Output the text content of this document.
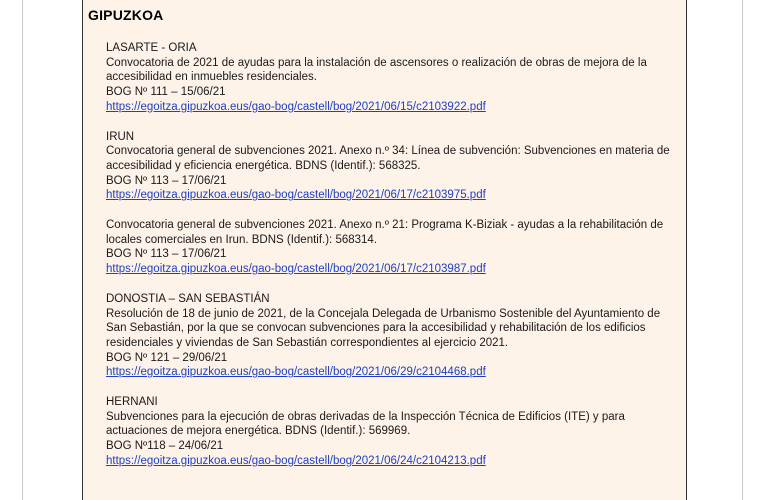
GIPUZKOA
LASARTE - ORIA
Convocatoria de 2021 de ayudas para la instalación de ascensores o realización de obras de mejora de la accesibilidad en inmuebles residenciales.
BOG Nº 111 – 15/06/21
https://egoitza.gipuzkoa.eus/gao-bog/castell/bog/2021/06/15/c2103922.pdf
IRUN
Convocatoria general de subvenciones 2021. Anexo n.º 34: Línea de subvención: Subvenciones en materia de accesibilidad y eficiencia energética. BDNS (Identif.): 568325.
BOG Nº 113 – 17/06/21
https://egoitza.gipuzkoa.eus/gao-bog/castell/bog/2021/06/17/c2103975.pdf
Convocatoria general de subvenciones 2021. Anexo n.º 21: Programa K-Biziak - ayudas a la rehabilitación de locales comerciales en Irun. BDNS (Identif.): 568314.
BOG Nº 113 – 17/06/21
https://egoitza.gipuzkoa.eus/gao-bog/castell/bog/2021/06/17/c2103987.pdf
DONOSTIA – SAN SEBASTIÁN
Resolución de 18 de junio de 2021, de la Concejala Delegada de Urbanismo Sostenible del Ayuntamiento de San Sebastián, por la que se convocan subvenciones para la accesibilidad y rehabilitación de los edificios residenciales y viviendas de San Sebastián correspondientes al ejercicio 2021.
BOG Nº 121 – 29/06/21
https://egoitza.gipuzkoa.eus/gao-bog/castell/bog/2021/06/29/c2104468.pdf
HERNANI
Subvenciones para la ejecución de obras derivadas de la Inspección Técnica de Edificios (ITE) y para actuaciones de mejora energética. BDNS (Identif.): 569969.
BOG Nº118 – 24/06/21
https://egoitza.gipuzkoa.eus/gao-bog/castell/bog/2021/06/24/c2104213.pdf
